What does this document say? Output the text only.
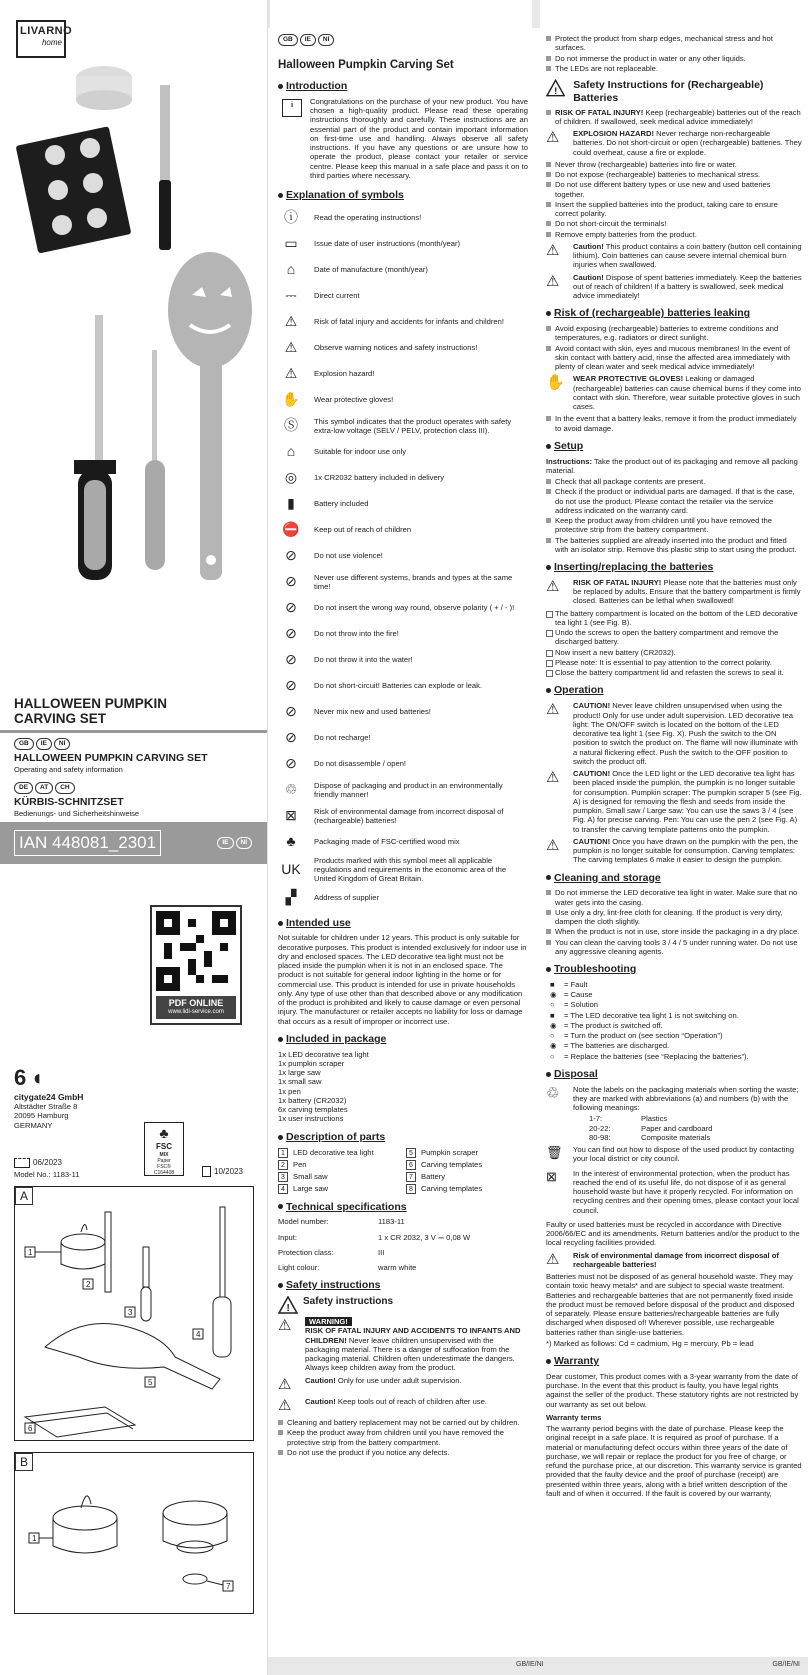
LIVARNO
home
HALLOWEEN PUMPKIN CARVING SET
GB IE NI
HALLOWEEN PUMPKIN CARVING SET
Operating and safety information
DE AT CH
KÜRBIS-SCHNITZSET
Bedienungs- und Sicherheitshinweise
IAN 448081_2301	IE NI
PDF ONLINE
www.lidl-service.com
6 ◖
citygate24 GmbH
Altstädter Straße 8
20095 Hamburg
GERMANY	♣
FSC
MIX
Paper
FSC® C164408
06/2023
Model No.: 1183-11	10/2023
A
1
2
3
4
5
6
B
1
7
GB IE NI
Halloween Pumpkin Carving Set
Introduction
i	Congratulations on the purchase of your new product. You have chosen a high-quality product. Please read these operating instructions thoroughly and carefully. These instructions are an essential part of the product and contain important information on first-time use and handling. Always observe all safety instructions. If you have any questions or are unsure how to operate the product, please contact your retailer or service centre. Please keep this manual in a safe place and pass it on to third parties where necessary.

Explanation of symbols
ⓘ	Read the operating instructions!
▭	Issue date of user instructions (month/year)
⌂	Date of manufacture (month/year)
⎓	Direct current
⚠	Risk of fatal injury and accidents for infants and children!
⚠	Observe warning notices and safety instructions!
⚠	Explosion hazard!
✋	Wear protective gloves!
Ⓢ	This symbol indicates that the product operates with safety extra-low voltage (SELV / PELV, protection class III).
⌂	Suitable for indoor use only
◎	1x CR2032 battery included in delivery
▮	Battery included
⛔	Keep out of reach of children
⊘	Do not use violence!
⊘	Never use different systems, brands and types at the same time!
⊘	Do not insert the wrong way round, observe polarity ( + / - )!
⊘	Do not throw into the fire!
⊘	Do not throw it into the water!
⊘	Do not short-circuit! Batteries can explode or leak.
⊘	Never mix new and used batteries!
⊘	Do not recharge!
⊘	Do not disassemble / open!
♲	Dispose of packaging and product in an environmentally friendly manner!
⊠	Risk of environmental damage from incorrect disposal of (rechargeable) batteries!
♣	Packaging made of FSC-certified wood mix
UK
Products marked with this symbol meet all applicable regulations and requirements in the economic area of the United Kingdom of Great Britain.
▞	Address of supplier
Intended use

Not suitable for children under 12 years. This product is only suitable for decorative purposes. This product is intended exclusively for indoor use in dry and enclosed spaces. The LED decorative tea light must not be placed inside the pumpkin when it is not in an enclosed space. The product is not suitable for general indoor lighting in the home or for commercial use. This product is intended for use in private households only. Any type of use other than that described above or any modification of the product is prohibited and likely to cause damage or even personal injury. The manufacturer or retailer accepts no liability for loss or damage that occurs as a result of improper or incorrect use.

Included in package
1x LED decorative tea light
1x pumpkin scraper
1x large saw
1x small saw
1x pen
1x battery (CR2032)
6x carving templates
1x user instructions
Description of parts
1 LED decorative tea light	5 Pumpkin scraper
2 Pen	6 Carving templates
3 Small saw	7 Battery
4 Large saw	8 Carving templates
Technical specifications
Model number:	1183-11
Input:	1 x CR 2032, 3 V ⎓ 0,08 W
Protection class:	III
Light colour:	warm white
Safety instructions
!
Safety instructions
⚠	WARNING!
RISK OF FATAL INJURY AND ACCIDENTS TO INFANTS AND CHILDREN! Never leave children unsupervised with the packaging material. There is a danger of suffocation from the packaging material. Children often underestimate the dangers. Always keep children away from the product.
⚠	Caution! Only for use under adult supervision.
⚠	Caution! Keep tools out of reach of children after use.
Cleaning and battery replacement may not be carried out by children.
Keep the product away from children until you have removed the protective strip from the battery compartment.
Do not use the product if you notice any defects.
Protect the product from sharp edges, mechanical stress and hot surfaces.
Do not immerse the product in water or any other liquids.
The LEDs are not replaceable.
!
Safety Instructions for (Rechargeable) Batteries
RISK OF FATAL INJURY! Keep (rechargeable) batteries out of the reach of children. If swallowed, seek medical advice immediately!
⚠	EXPLOSION HAZARD! Never recharge non-rechargeable batteries. Do not short-circuit or open (rechargeable) batteries. They could overheat, cause a fire or explode.
Never throw (rechargeable) batteries into fire or water.
Do not expose (rechargeable) batteries to mechanical stress.
Do not use different battery types or use new and used batteries together.
Insert the supplied batteries into the product, taking care to ensure correct polarity.
Do not short-circuit the terminals!
Remove empty batteries from the product.
⚠	Caution! This product contains a coin battery (button cell containing lithium). Coin batteries can cause severe internal chemical burn injuries when swallowed.
⚠	Caution! Dispose of spent batteries immediately. Keep the batteries out of reach of children! If a battery is swallowed, seek medical advice immediately!
Risk of (rechargeable) batteries leaking
Avoid exposing (rechargeable) batteries to extreme conditions and temperatures, e.g. radiators or direct sunlight.
Avoid contact with skin, eyes and mucous membranes! In the event of skin contact with battery acid, rinse the affected area immediately with plenty of clean water and seek medical advice immediately!
✋	WEAR PROTECTIVE GLOVES! Leaking or damaged (rechargeable) batteries can cause chemical burns if they come into contact with skin. Therefore, wear suitable protective gloves in such cases.
In the event that a battery leaks, remove it from the product immediately to avoid damage.
Setup

Instructions: Take the product out of its packaging and remove all packing material.

Check that all package contents are present.
Check if the product or individual parts are damaged. If that is the case, do not use the product. Please contact the retailer via the service address indicated on the warranty card.
Keep the product away from children until you have removed the protective strip from the battery compartment.
The batteries supplied are already inserted into the product and fitted with an isolator strip. Remove this plastic strip to start using the product.
Inserting/replacing the batteries
⚠	RISK OF FATAL INJURY! Please note that the batteries must only be replaced by adults. Ensure that the battery compartment is firmly closed. Batteries can be lethal when swallowed!
The battery compartment is located on the bottom of the LED decorative tea light 1 (see Fig. B).
Undo the screws to open the battery compartment and remove the discharged battery.
Now insert a new battery (CR2032).
Please note: It is essential to pay attention to the correct polarity.
Close the battery compartment lid and refasten the screws to seal it.
Operation
⚠	CAUTION! Never leave children unsupervised when using the product! Only for use under adult supervision. LED decorative tea light: The ON/OFF switch is located on the bottom of the LED decorative tea light 1 (see Fig. X). Push the switch to the ON position to switch the product on. The flame will now illuminate with a natural flickering effect. Push the switch to the OFF position to switch the product off.
⚠	CAUTION! Once the LED light or the LED decorative tea light has been placed inside the pumpkin, the pumpkin is no longer suitable for consumption. Pumpkin scraper: The pumpkin scraper 5 (see Fig. A) is designed for removing the flesh and seeds from inside the pumpkin. Small saw / Large saw: You can use the saws 3 / 4 (see Fig. A) for precise carving. Pen: You can use the pen 2 (see Fig. A) to transfer the carving template patterns onto the pumpkin.
⚠	CAUTION! Once you have drawn on the pumpkin with the pen, the pumpkin is no longer suitable for consumption. Carving templates: The carving templates 6 make it easier to design the pumpkin.
Cleaning and storage
Do not immerse the LED decorative tea light in water. Make sure that no water gets into the casing.
Use only a dry, lint-free cloth for cleaning. If the product is very dirty, dampen the cloth slightly.
When the product is not in use, store inside the packaging in a dry place.
You can clean the carving tools 3 / 4 / 5 under running water. Do not use any aggressive cleaning agents.
Troubleshooting
■	= Fault
◉ = Cause
○	= Solution
■	= The LED decorative tea light 1 is not switching on.
◉ = The product is switched off.
○	= Turn the product on (see section “Operation”)
◉ = The batteries are discharged.
○	= Replace the batteries (see “Replacing the batteries”).
Disposal
♲	Note the labels on the packaging materials when sorting the waste; they are marked with abbreviations (a) and numbers (b) with the following meanings:

1-7:	Plastics
20-22:	Paper and cardboard
80-98:	Composite materials
🗑	You can find out how to dispose of the used product by contacting your local district or city council.

⊠	In the interest of environmental protection, when the product has reached the end of its useful life, do not dispose of it as general household waste but have it properly recycled. For information on recycling centres and their opening times, please contact your local council.

Faulty or used batteries must be recycled in accordance with Directive 2006/66/EC and its amendments. Return batteries and/or the product to the local recycling facilities provided.

⚠	Risk of environmental damage from incorrect disposal of rechargeable batteries!

Batteries must not be disposed of as general household waste. They may contain toxic heavy metals* and are subject to special waste treatment. Batteries and rechargeable batteries that are not permanently fixed inside the product must be removed before disposal of the product and disposed of separately. Please ensure batteries/rechargeable batteries are fully discharged when disposed of! Wherever possible, use rechargeable batteries rather than single-use batteries.

*) Marked as follows: Cd = cadmium, Hg = mercury, Pb = lead

Warranty

Dear customer, This product comes with a 3-year warranty from the date of purchase. In the event that this product is faulty, you have legal rights against the seller of the product. These statutory rights are not restricted by our warranty as set out below.

Warranty terms

The warranty period begins with the date of purchase. Please keep the original receipt in a safe place. It is required as proof of purchase. If a material or manufacturing defect occurs within three years of the date of purchase, we will repair or replace the product for you free of charge, or refund the purchase price, at our discretion. This warranty service is granted provided that the faulty device and the proof of purchase (receipt) are presented within three years, along with a brief written description of the fault and of when it occurred. If the fault is covered by our warranty,

GB/IE/NI	GB/IE/NI
